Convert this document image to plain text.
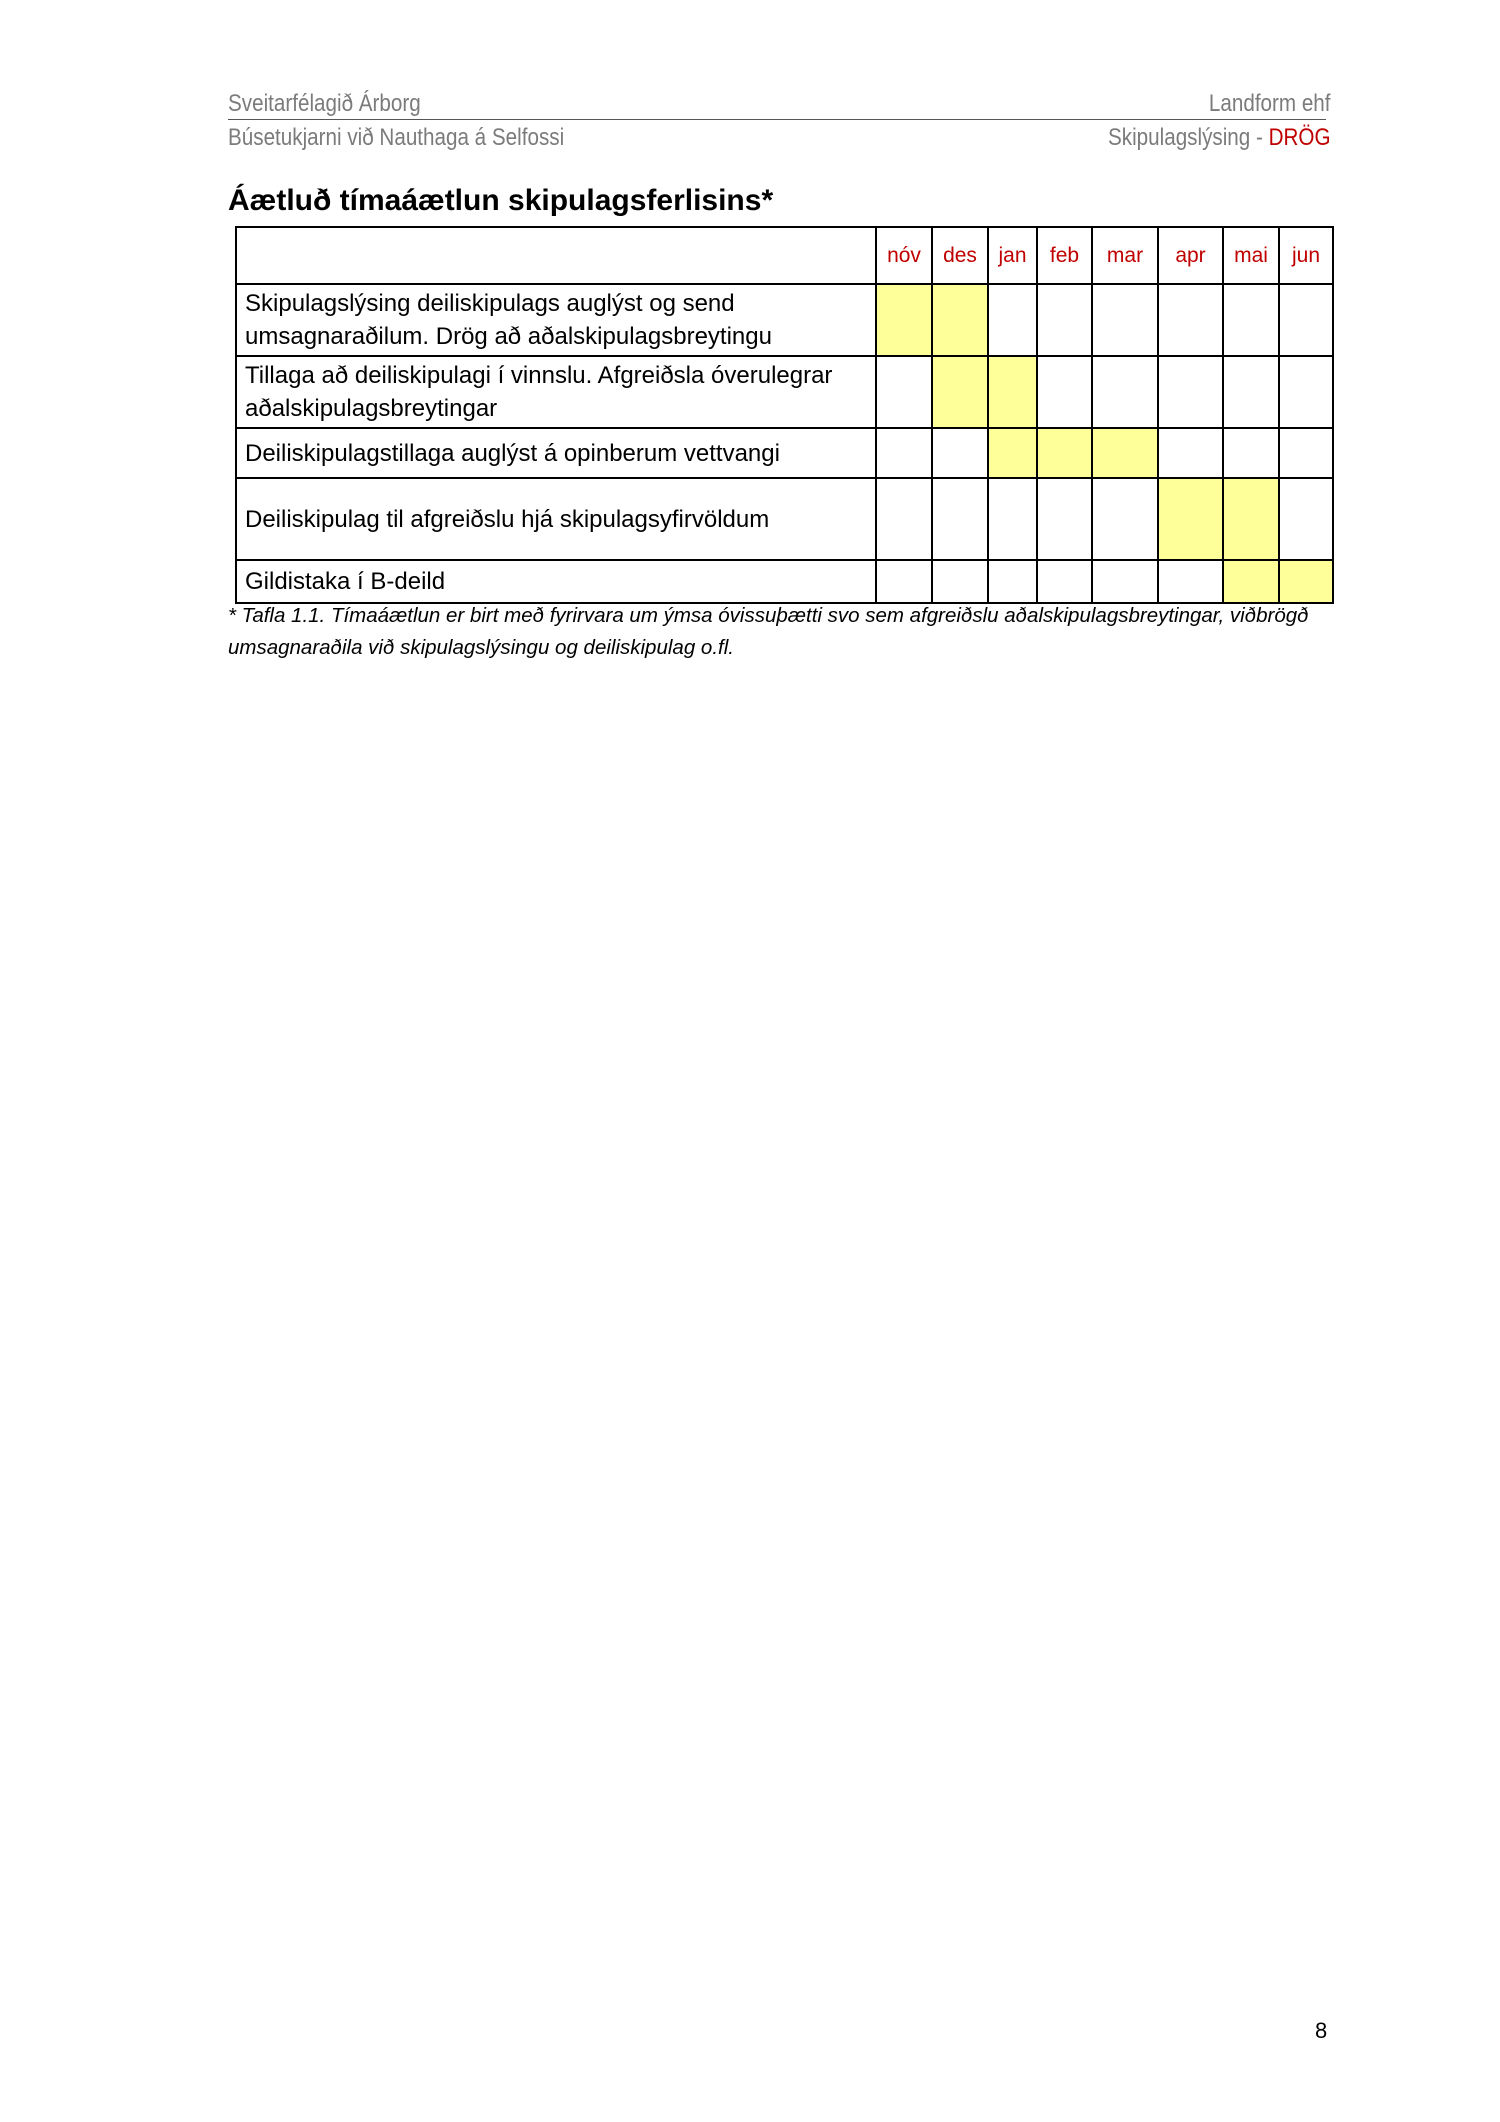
Sveitarfélagið Árborg	Landform ehf
Búsetukjarni við Nauthaga á Selfossi	Skipulagslýsing - DRÖG
Áætluð tímaáætlun skipulagsferlisins*
	nóv	des	jan	feb	mar	apr	mai	jun
Skipulagslýsing deiliskipulags auglýst og send umsagnaraðilum. Drög að aðalskipulagsbreytingu								
Tillaga að deiliskipulagi í vinnslu. Afgreiðsla óverulegrar aðalskipulagsbreytingar								
Deiliskipulagstillaga auglýst á opinberum vettvangi								
Deiliskipulag til afgreiðslu hjá skipulagsyfirvöldum								
Gildistaka í B-deild								
* Tafla 1.1. Tímaáætlun er birt með fyrirvara um ýmsa óvissuþætti svo sem afgreiðslu aðalskipulagsbreytingar, viðbrögð umsagnaraðila við skipulagslýsingu og deiliskipulag o.fl.
8
